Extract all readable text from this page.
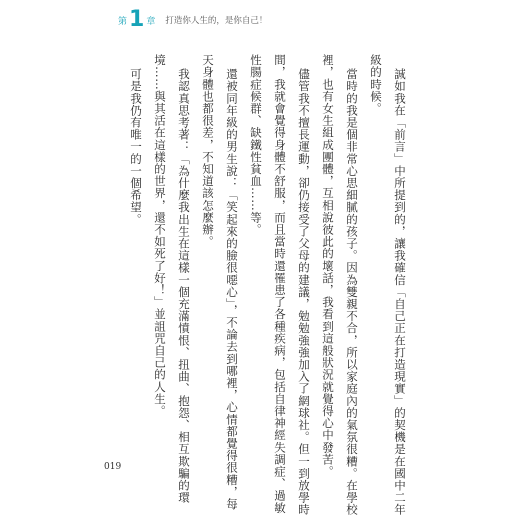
第 1 章 打造你人生的，是你自己！

誠如我在「前言」中所提到的，讓我確信「自己正在打造現實」的契機是在國中二年

級的時候。

當時的我是個非常心思細膩的孩子。因為雙親不合，所以家庭內的氣氛很糟。在學校

裡，也有女生組成團體，互相說彼此的壞話，我看到這般狀況就覺得心中發苦。

儘管我不擅長運動，卻仍接受了父母的建議，勉勉強強加入了網球社。但一到放學時

間，我就會覺得身體不舒服，而且當時還罹患了各種疾病，包括自律神經失調症、過敏

性腸症候群、缺鐵性貧血……等。

還被同年級的男生說：「笑起來的臉很噁心」，不論去到哪裡，心情都覺得很糟，每

天身體也都很差，不知道該怎麼辦。

我認真思考著：「為什麼我出生在這樣一個充滿憤恨、扭曲、抱怨、相互欺騙的環

境……與其活在這樣的世界，還不如死了好！」並詛咒自己的人生。

可是我仍有唯一的一個希望。

019
